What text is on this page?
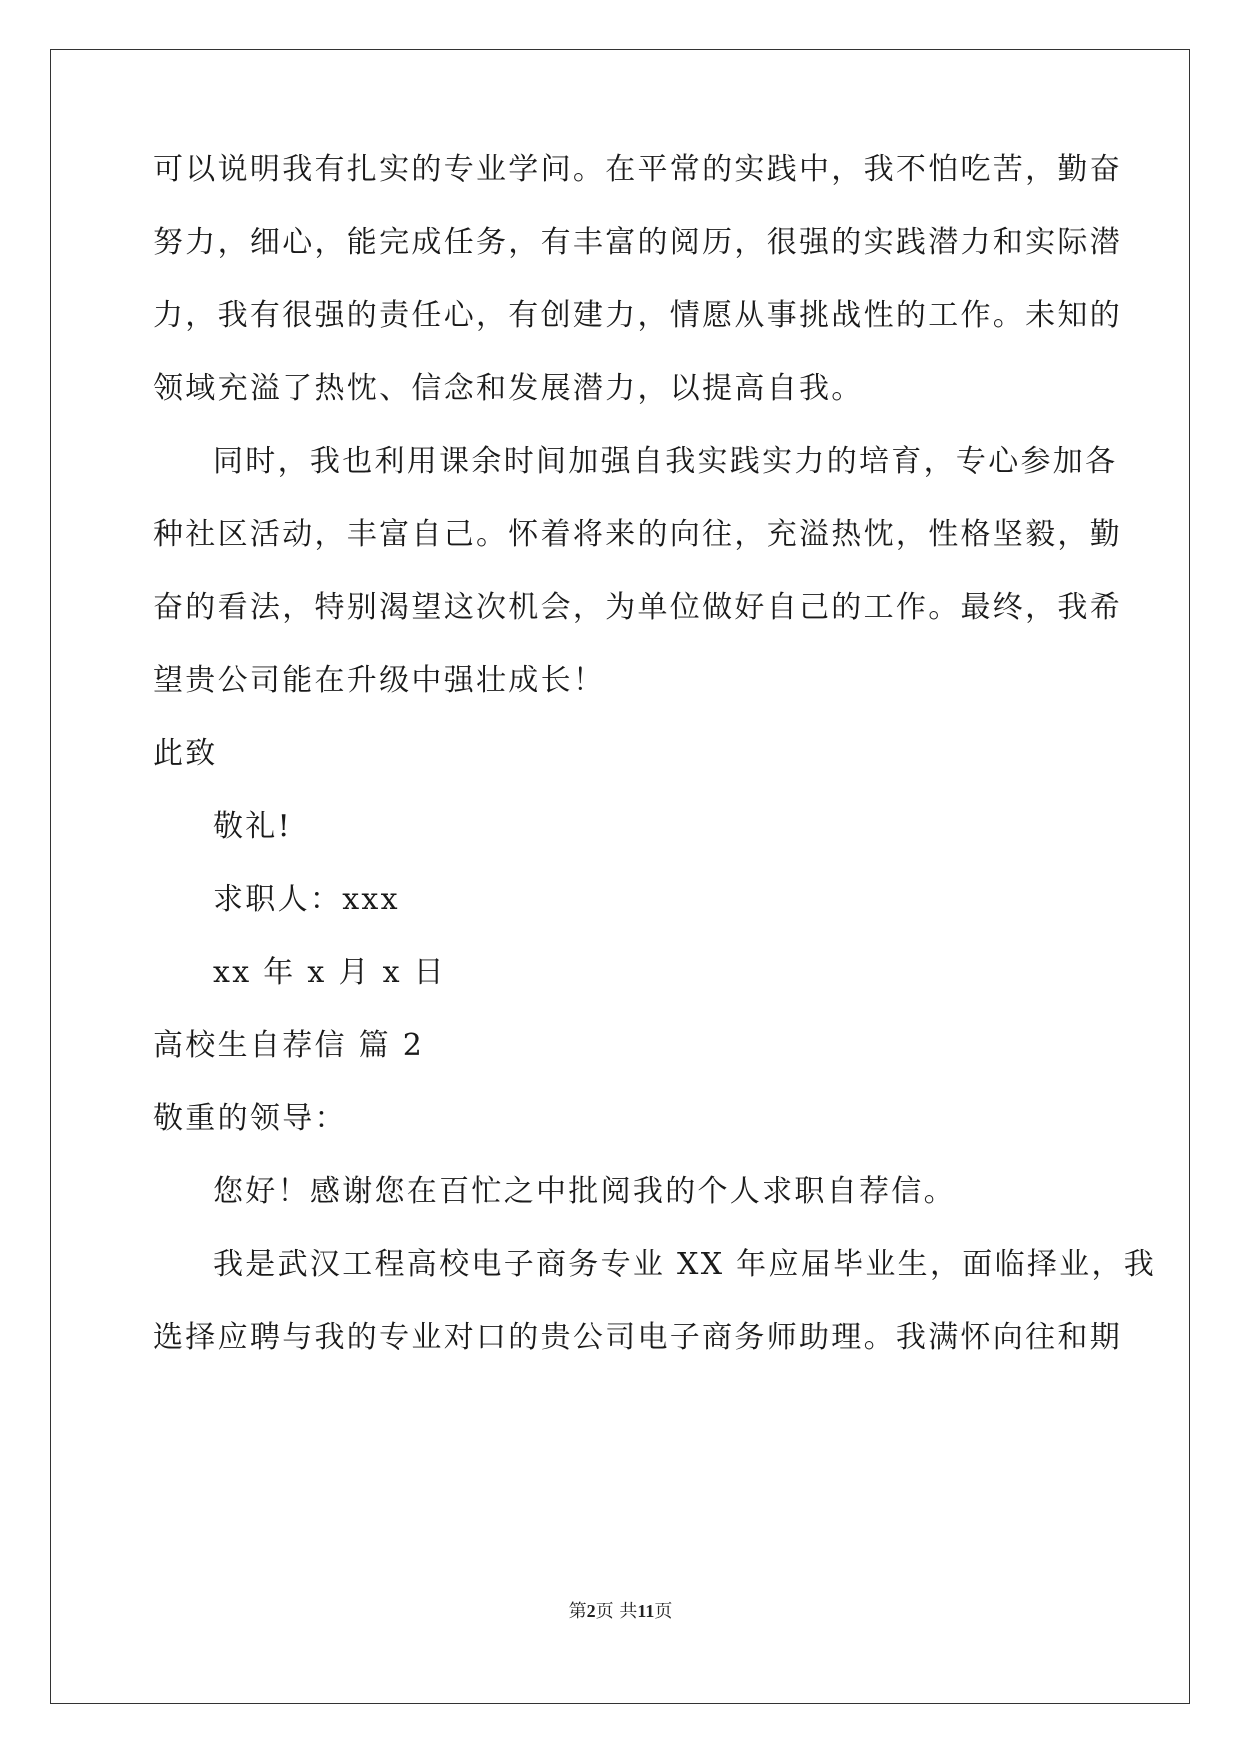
可以说明我有扎实的专业学问。在平常的实践中，我不怕吃苦，勤奋
努力，细心，能完成任务，有丰富的阅历，很强的实践潜力和实际潜
力，我有很强的责任心，有创建力，情愿从事挑战性的工作。未知的
领域充溢了热忱、信念和发展潜力，以提高自我。
同时，我也利用课余时间加强自我实践实力的培育，专心参加各
种社区活动，丰富自己。怀着将来的向往，充溢热忱，性格坚毅，勤
奋的看法，特别渴望这次机会，为单位做好自己的工作。最终，我希
望贵公司能在升级中强壮成长！
此致
敬礼!
求职人：xxx
xx 年 x 月 x 日
高校生自荐信 篇 2
敬重的领导：
您好！感谢您在百忙之中批阅我的个人求职自荐信。
我是武汉工程高校电子商务专业 XX 年应届毕业生，面临择业，我
选择应聘与我的专业对口的贵公司电子商务师助理。我满怀向往和期
第2页 共11页
